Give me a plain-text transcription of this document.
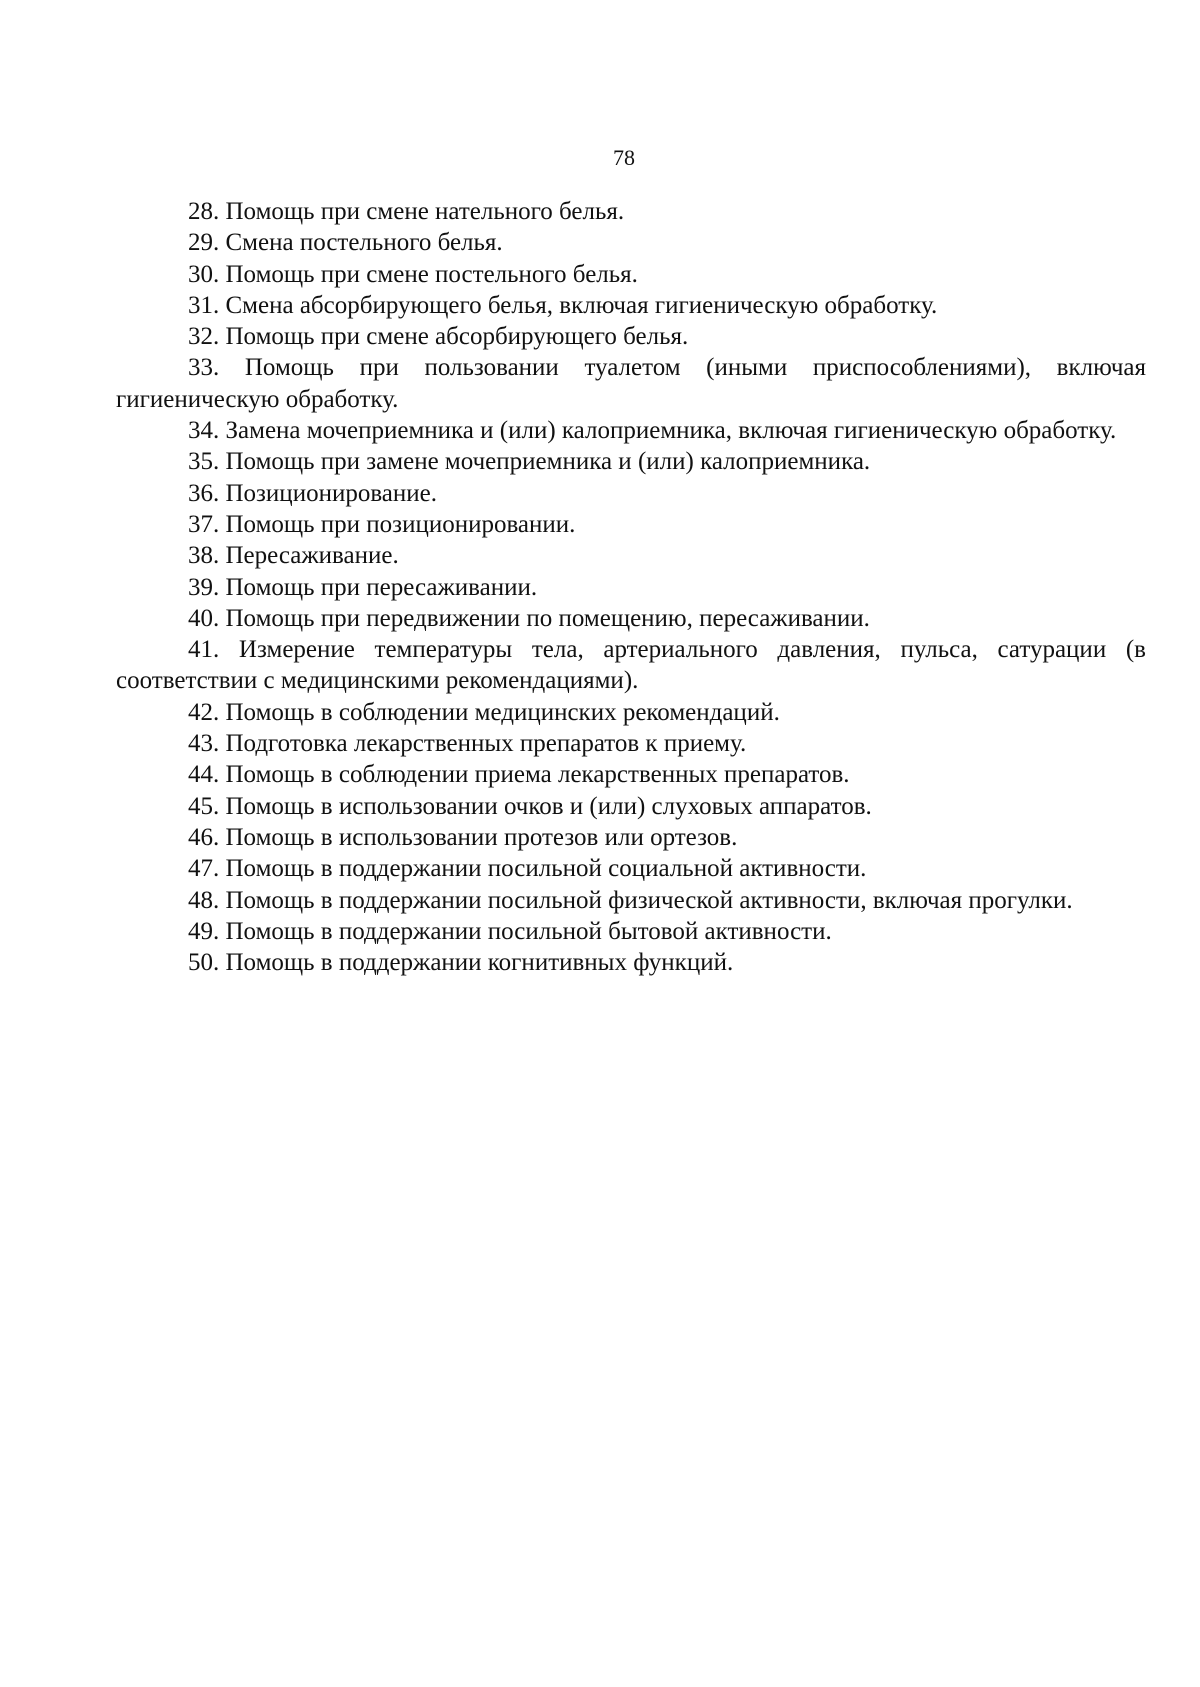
78

28. Помощь при смене нательного белья.

29. Смена постельного белья.

30. Помощь при смене постельного белья.

31. Смена абсорбирующего белья, включая гигиеническую обработку.

32. Помощь при смене абсорбирующего белья.

33. Помощь при пользовании туалетом (иными приспособлениями), включая гигиеническую обработку.

34. Замена мочеприемника и (или) калоприемника, включая гигиеническую обработку.

35. Помощь при замене мочеприемника и (или) калоприемника.

36. Позиционирование.

37. Помощь при позиционировании.

38. Пересаживание.

39. Помощь при пересаживании.

40. Помощь при передвижении по помещению, пересаживании.

41. Измерение температуры тела, артериального давления, пульса, сатурации (в соответствии с медицинскими рекомендациями).

42. Помощь в соблюдении медицинских рекомендаций.

43. Подготовка лекарственных препаратов к приему.

44. Помощь в соблюдении приема лекарственных препаратов.

45. Помощь в использовании очков и (или) слуховых аппаратов.

46. Помощь в использовании протезов или ортезов.

47. Помощь в поддержании посильной социальной активности.

48. Помощь в поддержании посильной физической активности, включая прогулки.

49. Помощь в поддержании посильной бытовой активности.

50. Помощь в поддержании когнитивных функций.
